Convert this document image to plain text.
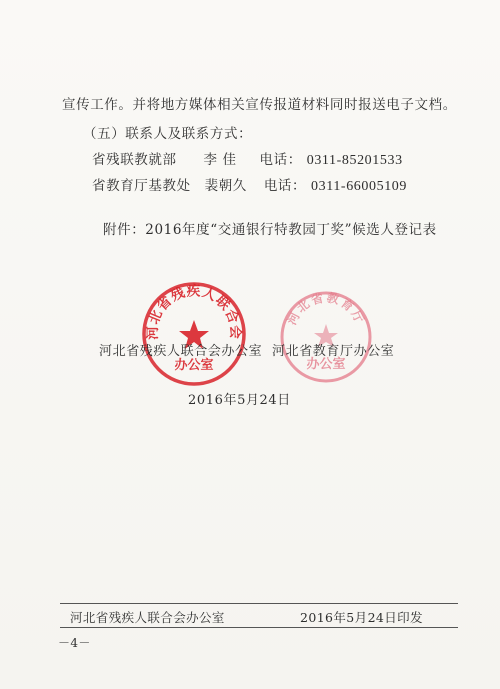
宣传工作。并将地方媒体相关宣传报道材料同时报送电子文档。
（五）联系人及联系方式：
省残联教就部 李 佳 电话： 0311-85201533
省教育厅基教处 裴朝久 电话： 0311-66005109
附件：2016年度“交通银行特教园丁奖”候选人登记表
河北省残疾人联合会
办公室
河北省教育厅
办公室
河北省残疾人联合会办公室 河北省教育厅办公室
2016年5月24日
河北省残疾人联合会办公室	2016年5月24日印发
－4－
